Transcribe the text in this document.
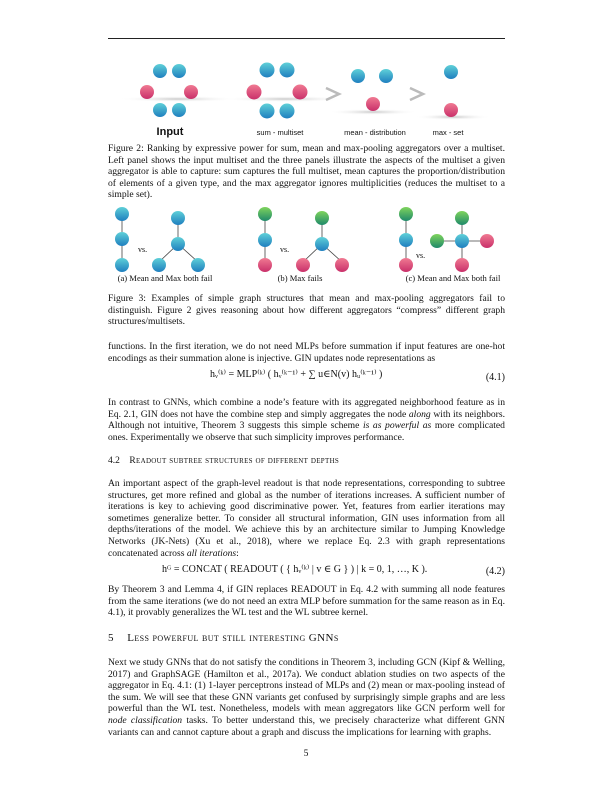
Input	sum - multiset	mean - distribution	max - set
Figure 2: Ranking by expressive power for sum, mean and max-pooling aggregators over a multiset. Left panel shows the input multiset and the three panels illustrate the aspects of the multiset a given aggregator is able to capture: sum captures the full multiset, mean captures the proportion/distribution of elements of a given type, and the max aggregator ignores multiplicities (reduces the multiset to a simple set).
vs.	vs.
vs.
(a) Mean and Max both fail	(b) Max fails	(c) Mean and Max both fail
Figure 3: Examples of simple graph structures that mean and max-pooling aggregators fail to distinguish. Figure 2 gives reasoning about how different aggregators “compress” different graph structures/multisets.
functions. In the first iteration, we do not need MLPs before summation if input features are one-hot encodings as their summation alone is injective. GIN updates node representations as
hᵥ⁽ᵏ⁾ = MLP⁽ᵏ⁾ ( hᵥ⁽ᵏ⁻¹⁾ + ∑ u∈N(v) hᵤ⁽ᵏ⁻¹⁾ )	(4.1)
In contrast to GNNs, which combine a node’s feature with its aggregated neighborhood feature as in Eq. 2.1, GIN does not have the combine step and simply aggregates the node along with its neighbors. Although not intuitive, Theorem 3 suggests this simple scheme is as powerful as more complicated ones. Experimentally we observe that such simplicity improves performance.
4.2 Readout subtree structures of different depths
An important aspect of the graph-level readout is that node representations, corresponding to subtree structures, get more refined and global as the number of iterations increases. A sufficient number of iterations is key to achieving good discriminative power. Yet, features from earlier iterations may sometimes generalize better. To consider all structural information, GIN uses information from all depths/iterations of the model. We achieve this by an architecture similar to Jumping Knowledge Networks (JK-Nets) (Xu et al., 2018), where we replace Eq. 2.3 with graph representations concatenated across all iterations:
hᴳ = CONCAT ( READOUT ( { hᵥ⁽ᵏ⁾ | v ∈ G } ) | k = 0, 1, …, K ).	(4.2)
By Theorem 3 and Lemma 4, if GIN replaces READOUT in Eq. 4.2 with summing all node features from the same iterations (we do not need an extra MLP before summation for the same reason as in Eq. 4.1), it provably generalizes the WL test and the WL subtree kernel.
5 Less powerful but still interesting GNNs
Next we study GNNs that do not satisfy the conditions in Theorem 3, including GCN (Kipf & Welling, 2017) and GraphSAGE (Hamilton et al., 2017a). We conduct ablation studies on two aspects of the aggregator in Eq. 4.1: (1) 1-layer perceptrons instead of MLPs and (2) mean or max-pooling instead of the sum. We will see that these GNN variants get confused by surprisingly simple graphs and are less powerful than the WL test. Nonetheless, models with mean aggregators like GCN perform well for node classification tasks. To better understand this, we precisely characterize what different GNN variants can and cannot capture about a graph and discuss the implications for learning with graphs.
5
